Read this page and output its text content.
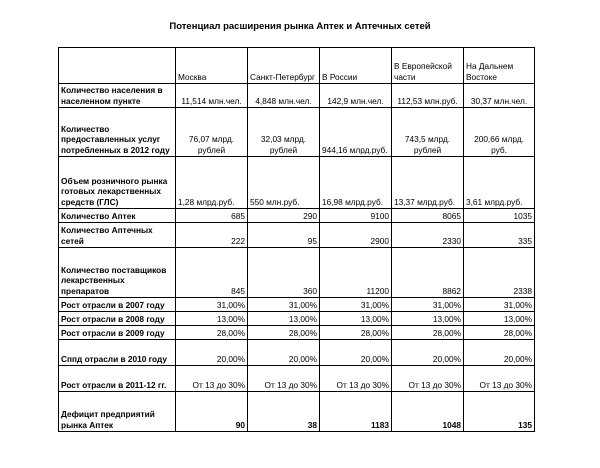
Потенциал расширения рынка Аптек и Аптечных сетей
	Москва	Санкт-Петербург	В России	В Европейской части	На Дальнем Востоке
Количество населения в населенном пункте	11,514 млн.чел.	4,848 млн.чел.	142,9 млн.чел.	112,53 млн.руб.	30,37 млн.чел.
Количество предоставленных услуг потребленных в 2012 году	76,07 млрд. рублей	32,03 млрд. рублей	944,16 млрд.руб.	743,5 млрд. рублей	200,66 млрд. руб.
Объем розничного рынка готовых лекарственных средств (ГЛС)	1,28 млрд.руб.	550 млн.руб.	16,98 млрд.руб.	13,37 млрд.руб.	3,61 млрд.руб.
Количество Аптек	685	290	9100	8065	1035
Количество Аптечных сетей	222	95	2900	2330	335
Количество поставщиков лекарственных препаратов	845	360	11200	8862	2338
Рост отрасли в 2007 году	31,00%	31,00%	31,00%	31,00%	31,00%
Рост отрасли в 2008 году	13,00%	13,00%	13,00%	13,00%	13,00%
Рост отрасли в 2009 году	28,00%	28,00%	28,00%	28,00%	28,00%
Сппд отрасли в 2010 году	20,00%	20,00%	20,00%	20,00%	20,00%
Рост отрасли в 2011-12 гг.	От 13 до 30%	От 13 до 30%	От 13 до 30%	От 13 до 30%	От 13 до 30%
Дефицит предприятий рынка Аптек	90	38	1183	1048	135
